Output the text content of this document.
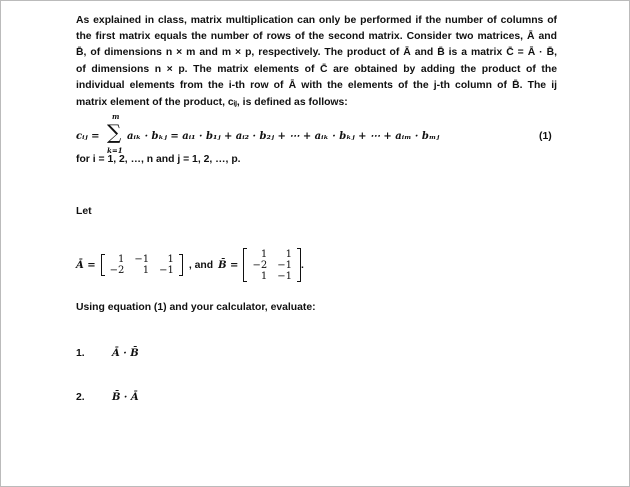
As explained in class, matrix multiplication can only be performed if the number of columns of
the first matrix equals the number of rows of the second matrix. Consider two matrices, Ā and
B̄, of dimensions n × m and m × p, respectively. The product of Ā and B̄ is a matrix C̄ = Ā · B̄,
of dimensions n × p. The matrix elements of C̄ are obtained by adding the product of the
individual elements from the i-th row of Ā with the elements of the j-th column of B̄. The ij
matrix element of the product, cᵢⱼ, is defined as follows:
cᵢⱼ =
m
∑
k=1
aᵢₖ · bₖⱼ = aᵢ₁ · b₁ⱼ + aᵢ₂ · b₂ⱼ + ⋯ + aᵢₖ · bₖⱼ + ⋯ + aᵢₘ · bₘⱼ	(1)
for i = 1, 2, …, n and j = 1, 2, …, p.
Let
Ā = 1	−1	1
−2	1	−1 , and B̄ =
1	1
−2	−1
1	−1
.
Using equation (1) and your calculator, evaluate:
1.	Ā · B̄
2.	B̄ · Ā
